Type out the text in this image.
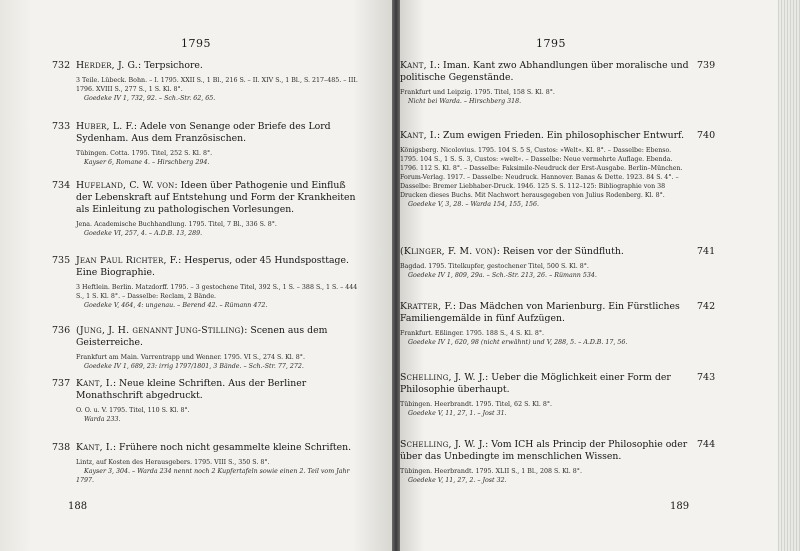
1795
732 Herder, J. G.: Terpsichore.
3 Teile. Lübeck. Bohn. – I. 1795. XXII S., 1 Bl., 216 S. – II. XIV S., 1 Bl., S. 217–485. – III. 1796. XVIII S., 277 S., 1 S. Kl. 8°.
Goedeke IV 1, 732, 92. – Sch.-Str. 62, 65.
733 Huber, L. F.: Adele von Senange oder Briefe des Lord Sydenham. Aus dem Französischen.
Tübingen. Cotta. 1795. Titel, 252 S. Kl. 8°.
Kayser 6, Romane 4. – Hirschberg 294.
734 Hufeland, C. W. von: Ideen über Pathogenie und Einfluß der Lebenskraft auf Entstehung und Form der Krankheiten als Einleitung zu pathologischen Vorlesungen.
Jena. Academische Buchhandlung. 1795. Titel, 7 Bl., 336 S. 8°.
Goedeke VI, 257, 4. – A.D.B. 13, 289.
735 Jean Paul Richter, F.: Hesperus, oder 45 Hundsposttage. Eine Biographie.
3 Heftlein. Berlin. Matzdorff. 1795. – 3 gestochene Titel, 392 S., 1 S. – 388 S., 1 S. – 444 S., 1 S. Kl. 8°. – Dasselbe: Reclam, 2 Bände.
Goedeke V, 464, 4: ungenau. – Berend 42. – Rümann 472.
736 (Jung, J. H. genannt Jung-Stilling): Scenen aus dem Geisterreiche.
Frankfurt am Main. Varrentrapp und Wenner. 1795. VI S., 274 S. Kl. 8°.
Goedeke IV 1, 689, 23: irrig 1797/1801, 3 Bände. – Sch.-Str. 77, 272.
737 Kant, I.: Neue kleine Schriften. Aus der Berliner Monathschrift abgedruckt.
O. O. u. V. 1795. Titel, 110 S. Kl. 8°.
Warda 233.
738 Kant, I.: Frühere noch nicht gesammelte kleine Schriften.
Lintz, auf Kosten des Herausgebers. 1795. VIII S., 350 S. 8°.
Kayser 3, 304. – Warda 234 nennt noch 2 Kupfertafeln sowie einen 2. Teil vom Jahr 1797.
188
1795
Kant, I.: Iman. Kant zwo Abhandlungen über moralische und politische Gegenstände.
Frankfurt und Leipzig. 1795. Titel, 158 S. Kl. 8°.
Nicht bei Warda. – Hirschberg 318.
739
Kant, I.: Zum ewigen Frieden. Ein philosophischer Entwurf.
Königsberg. Nicolovius. 1795. 104 S. 5 S, Custos: »Welt«. Kl. 8°. – Dasselbe: Ebenso. 1795. 104 S., 1 S. S. 3, Custos: »welt«. – Dasselbe: Neue vermehrte Auflage. Ebenda. 1796. 112 S. Kl. 8°. – Dasselbe: Faksimile-Neudruck der Erst-Ausgabe. Berlin–München. Forum-Verlag. 1917. – Dasselbe: Neudruck. Hannover. Banas & Dette. 1923. 84 S. 4°. – Dasselbe: Bremer Liebhaber-Druck. 1946. 125 S. S. 112–125: Bibliographie von 38 Drucken dieses Buchs. Mit Nachwort herausgegeben von Julius Rodenberg. Kl. 8°.
Goedeke V, 3, 28. – Warda 154, 155, 156.
740
(Klinger, F. M. von): Reisen vor der Sündfluth.
Bagdad. 1795. Titelkupfer, gestochener Titel, 500 S. Kl. 8°.
Goedeke IV 1, 809, 29a. – Sch.-Str. 213, 26. – Rümann 534.
741
Kratter, F.: Das Mädchen von Marienburg. Ein Fürstliches Familiengemälde in fünf Aufzügen.
Frankfurt. Eßlinger. 1795. 188 S., 4 S. Kl. 8°.
Goedeke IV 1, 620, 98 (nicht erwähnt) und V, 288, 5. – A.D.B. 17, 56.
742
Schelling, J. W. J.: Ueber die Möglichkeit einer Form der Philosophie überhaupt.
Tübingen. Heerbrandt. 1795. Titel, 62 S. Kl. 8°.
Goedeke V, 11, 27, 1. – Jost 31.
743
Schelling, J. W. J.: Vom ICH als Princip der Philosophie oder über das Unbedingte im menschlichen Wissen.
Tübingen. Heerbrandt. 1795. XLII S., 1 Bl., 208 S. Kl. 8°.
Goedeke V, 11, 27, 2. – Jost 32.
744
189
